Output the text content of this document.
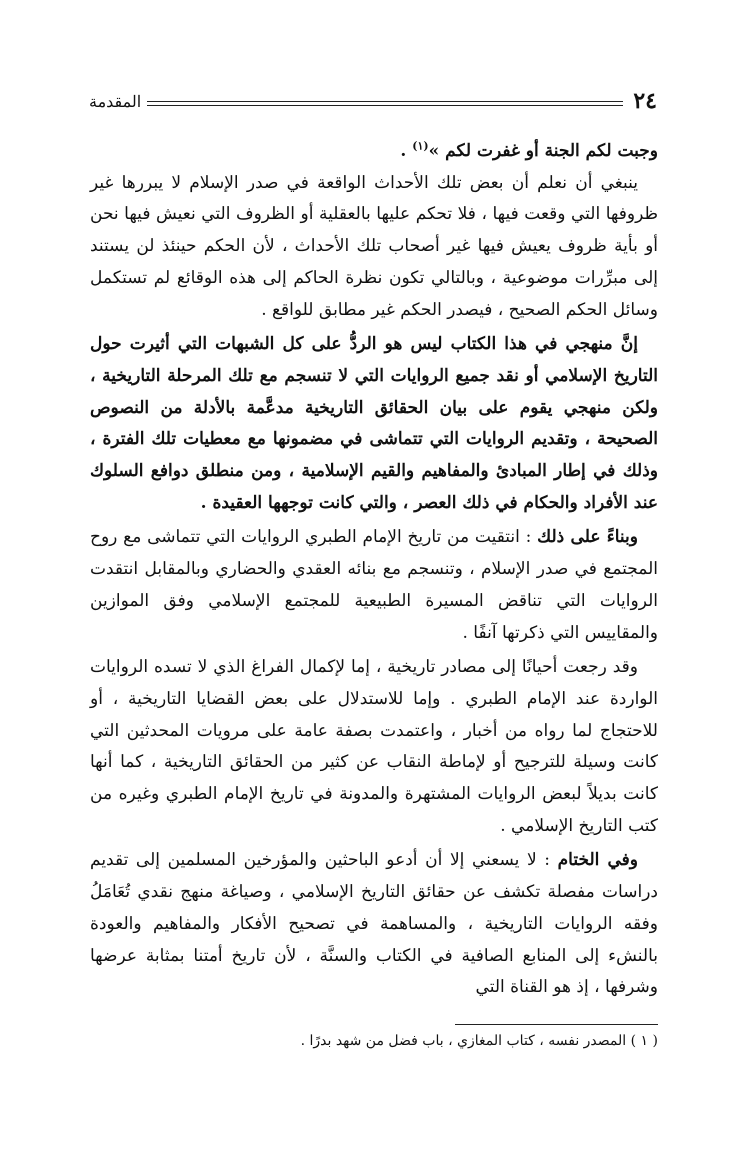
المقدمة	٢٤

وجبت لكم الجنة أو غفرت لكم »$^{(١)}$ .

ينبغي أن نعلم أن بعض تلك الأحداث الواقعة في صدر الإسلام لا يبررها غير ظروفها التي وقعت فيها ، فلا تحكم عليها بالعقلية أو الظروف التي نعيش فيها نحن أو بأية ظروف يعيش فيها غير أصحاب تلك الأحداث ، لأن الحكم حينئذ لن يستند إلى مبرِّرات موضوعية ، وبالتالي تكون نظرة الحاكم إلى هذه الوقائع لم تستكمل وسائل الحكم الصحيح ، فيصدر الحكم غير مطابق للواقع .

إنَّ منهجي في هذا الكتاب ليس هو الردُّ على كل الشبهات التي أثيرت حول التاريخ الإسلامي أو نقد جميع الروايات التي لا تنسجم مع تلك المرحلة التاريخية ، ولكن منهجي يقوم على بيان الحقائق التاريخية مدعَّمة بالأدلة من النصوص الصحيحة ، وتقديم الروايات التي تتماشى في مضمونها مع معطيات تلك الفترة ، وذلك في إطار المبادئ والمفاهيم والقيم الإسلامية ، ومن منطلق دوافع السلوك عند الأفراد والحكام في ذلك العصر ، والتي كانت توجهها العقيدة .

وبناءً على ذلك : انتقيت من تاريخ الإمام الطبري الروايات التي تتماشى مع روح المجتمع في صدر الإسلام ، وتنسجم مع بنائه العقدي والحضاري وبالمقابل انتقدت الروايات التي تناقض المسيرة الطبيعية للمجتمع الإسلامي وفق الموازين والمقاييس التي ذكرتها آنفًا .

وقد رجعت أحيانًا إلى مصادر تاريخية ، إما لإكمال الفراغ الذي لا تسده الروايات الواردة عند الإمام الطبري . وإما للاستدلال على بعض القضايا التاريخية ، أو للاحتجاج لما رواه من أخبار ، واعتمدت بصفة عامة على مرويات المحدثين التي كانت وسيلة للترجيح أو لإماطة النقاب عن كثير من الحقائق التاريخية ، كما أنها كانت بديلاً لبعض الروايات المشتهرة والمدونة في تاريخ الإمام الطبري وغيره من كتب التاريخ الإسلامي .

وفي الختام : لا يسعني إلا أن أدعو الباحثين والمؤرخين المسلمين إلى تقديم دراسات مفصلة تكشف عن حقائق التاريخ الإسلامي ، وصياغة منهج نقدي تُعَامَلُ وفقه الروايات التاريخية ، والمساهمة في تصحيح الأفكار والمفاهيم والعودة بالنشء إلى المنابع الصافية في الكتاب والسنَّة ، لأن تاريخ أمتنا بمثابة عرضها وشرفها ، إذ هو القناة التي

( ١ ) المصدر نفسه ، كتاب المغازي ، باب فضل من شهد بدرًا .
